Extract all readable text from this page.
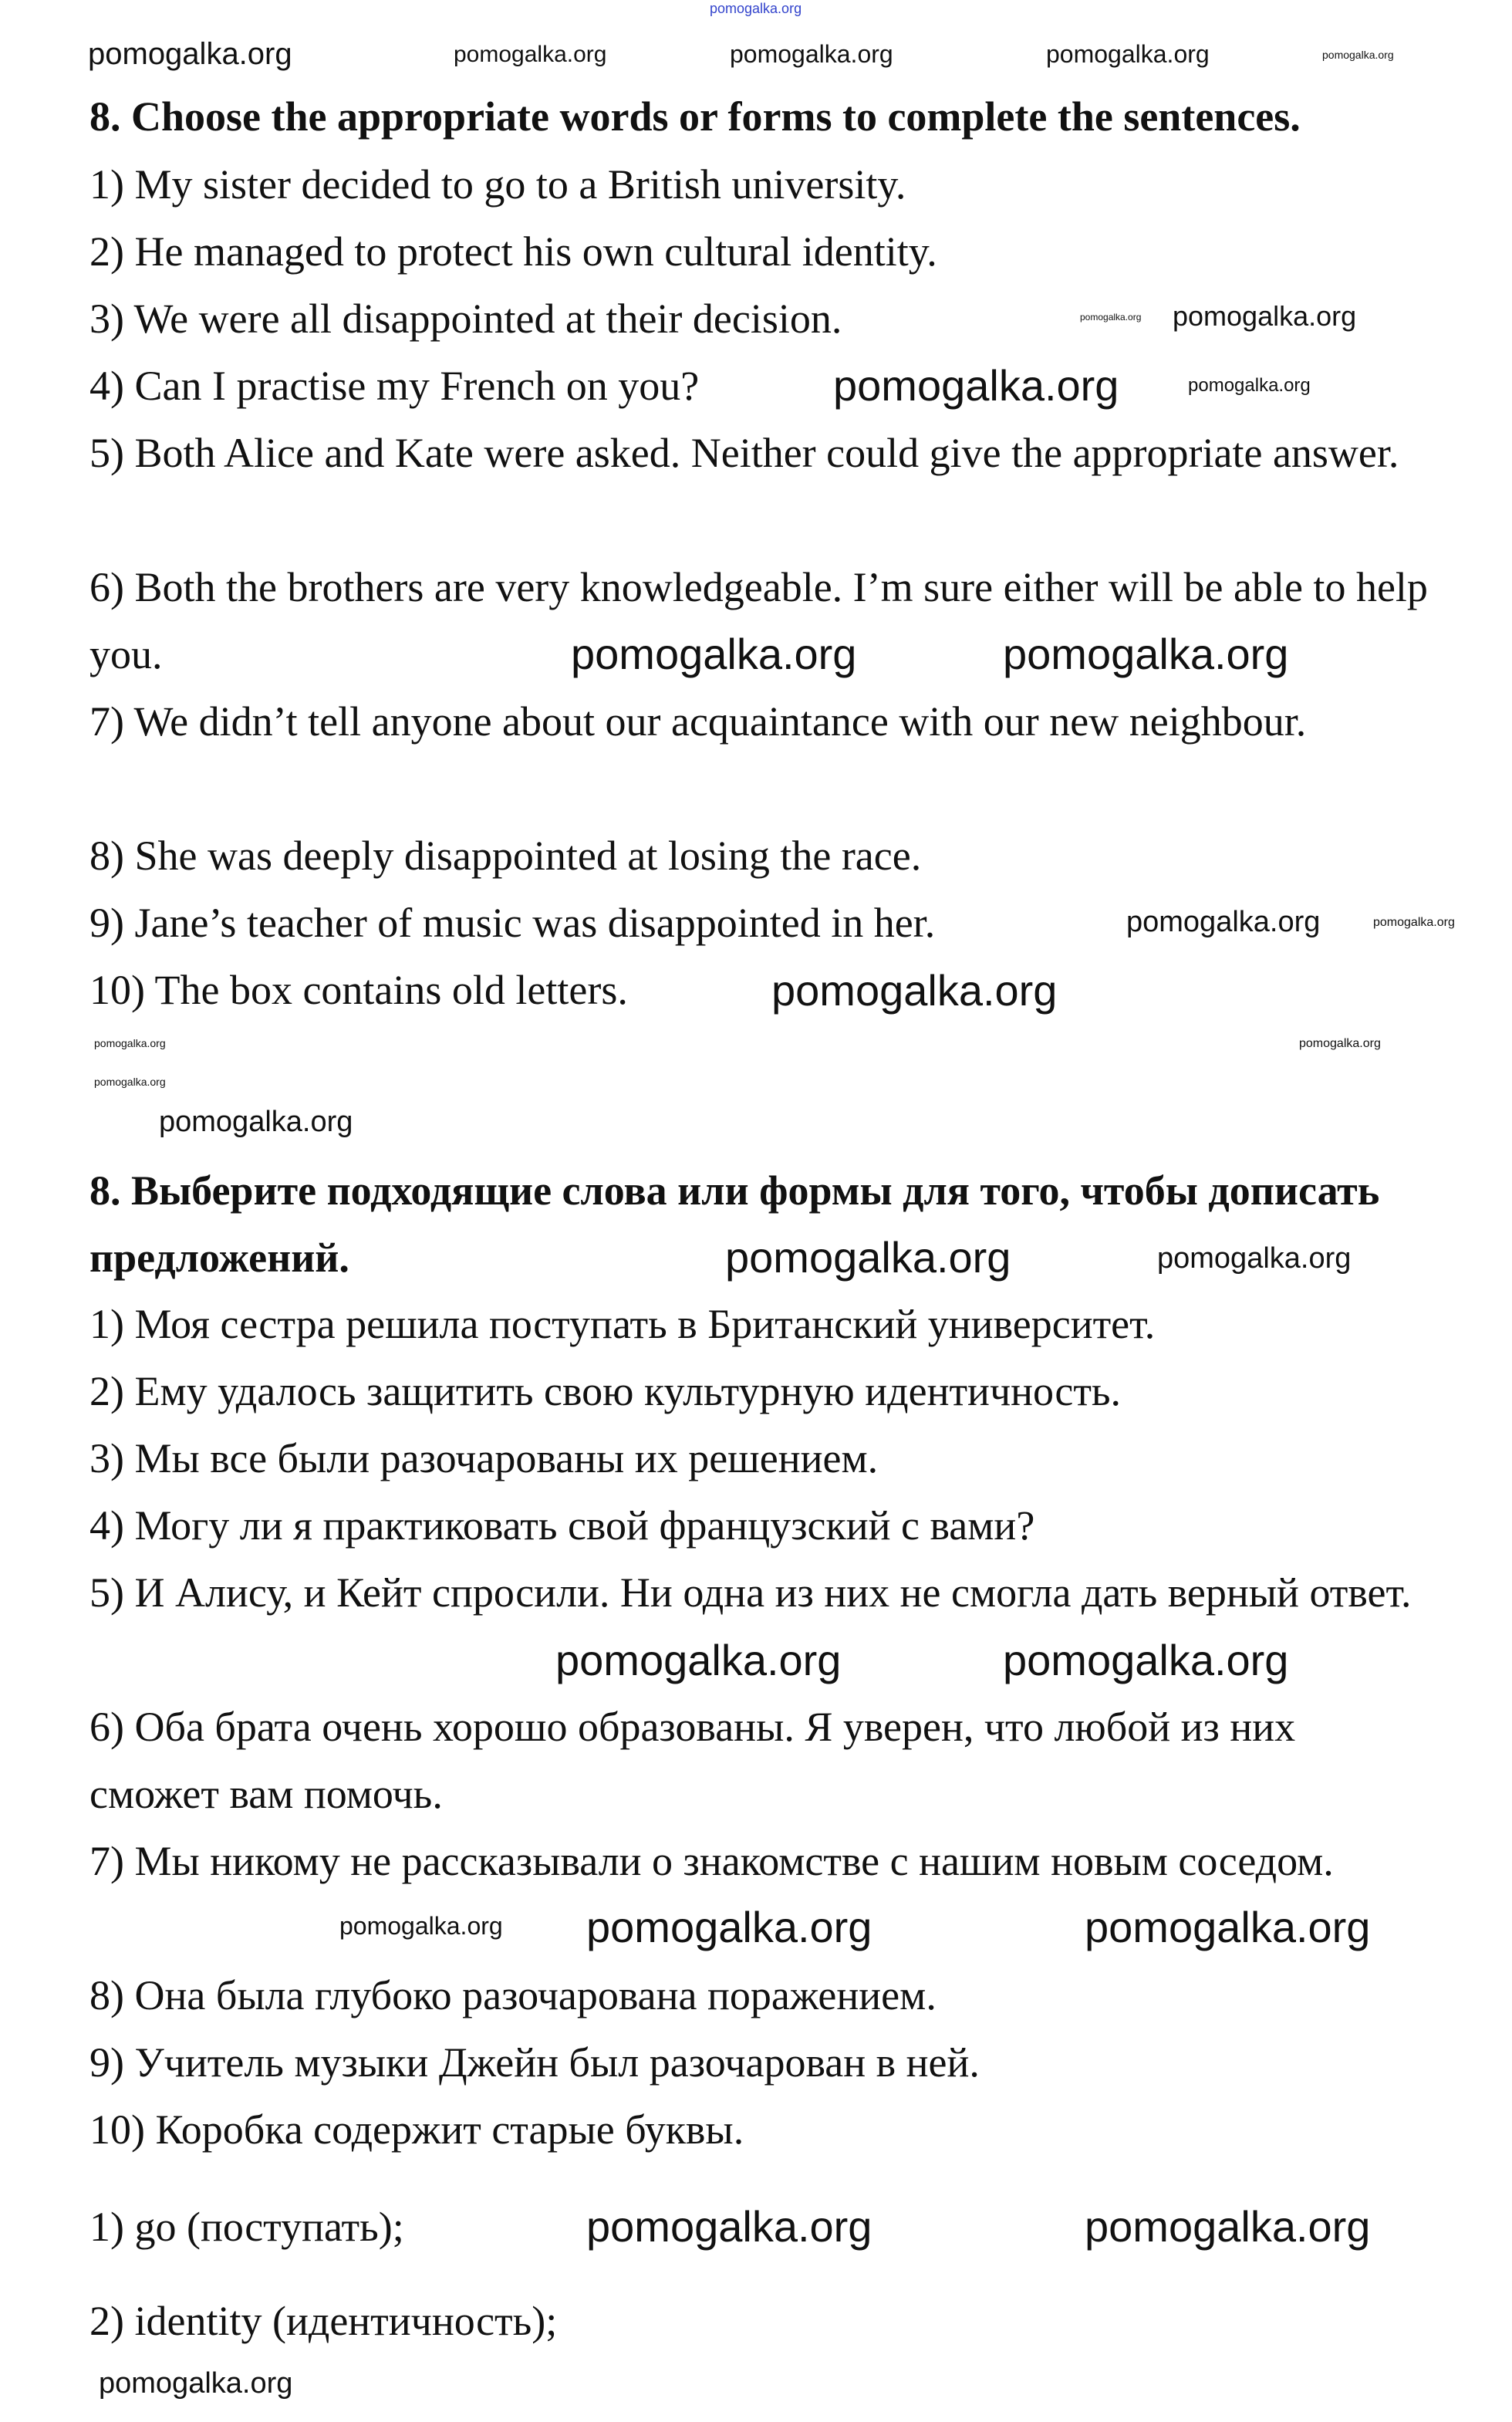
pomogalka.org
8. Choose the appropriate words or forms to complete the sentences.
1) My sister decided to go to a British university.
2) He managed to protect his own cultural identity.
3) We were all disappointed at their decision.
4) Can I practise my French on you?
5) Both Alice and Kate were asked. Neither could give the appropriate answer.
6) Both the brothers are very knowledgeable. I’m sure either will be able to help you.
7) We didn’t tell anyone about our acquaintance with our new neighbour.
8) She was deeply disappointed at losing the race.
9) Jane’s teacher of music was disappointed in her.
10) The box contains old letters.
8. Выберите подходящие слова или формы для того, чтобы дописать предложений.
1) Моя сестра решила поступать в Британский университет.
2) Ему удалось защитить свою культурную идентичность.
3) Мы все были разочарованы их решением.
4) Могу ли я практиковать свой французский с вами?
5) И Алису, и Кейт спросили. Ни одна из них не смогла дать верный ответ.
6) Оба брата очень хорошо образованы. Я уверен, что любой из них сможет вам помочь.
7) Мы никому не рассказывали о знакомстве с нашим новым соседом.
8) Она была глубоко разочарована поражением.
9) Учитель музыки Джейн был разочарован в ней.
10) Коробка содержит старые буквы.
1) go (поступать);
2) identity (идентичность);
pomogalka.org	pomogalka.org	pomogalka.org	pomogalka.org	pomogalka.org
pomogalka.org pomogalka.org
pomogalka.org
pomogalka.org
pomogalka.org	pomogalka.org
pomogalka.org
pomogalka.org
pomogalka.org
pomogalka.org	pomogalka.org
pomogalka.org
pomogalka.org
pomogalka.org	pomogalka.org
pomogalka.org	pomogalka.org
pomogalka.org pomogalka.org	pomogalka.org
pomogalka.org
pomogalka.org	pomogalka.org
